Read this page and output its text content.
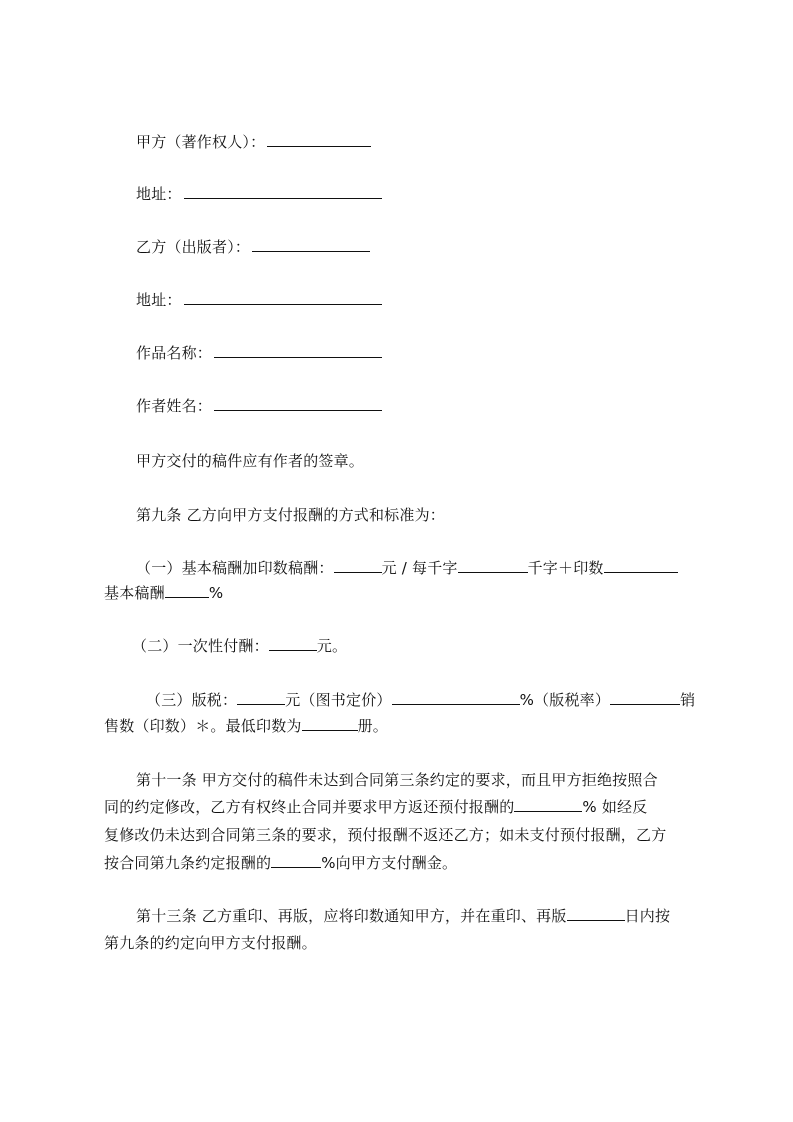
甲方（著作权人）：
地址：
乙方（出版者）：
地址：
作品名称：
作者姓名：
甲方交付的稿件应有作者的签章。
第九条 乙方向甲方支付报酬的方式和标准为：
（一）基本稿酬加印数稿酬：	元 / 每千字	千字＋印数
基本稿酬	%
（二）一次性付酬：	元。
（三）版税：	元（图书定价）	%（版税率）	销
售数（印数）＊。最低印数为	册。
第十一条 甲方交付的稿件未达到合同第三条约定的要求，而且甲方拒绝按照合
同的约定修改，乙方有权终止合同并要求甲方返还预付报酬的	% 如经反
复修改仍未达到合同第三条的要求，预付报酬不返还乙方；如未支付预付报酬，乙方
按合同第九条约定报酬的	%向甲方支付酬金。
第十三条 乙方重印、再版，应将印数通知甲方，并在重印、再版	日内按
第九条的约定向甲方支付报酬。
